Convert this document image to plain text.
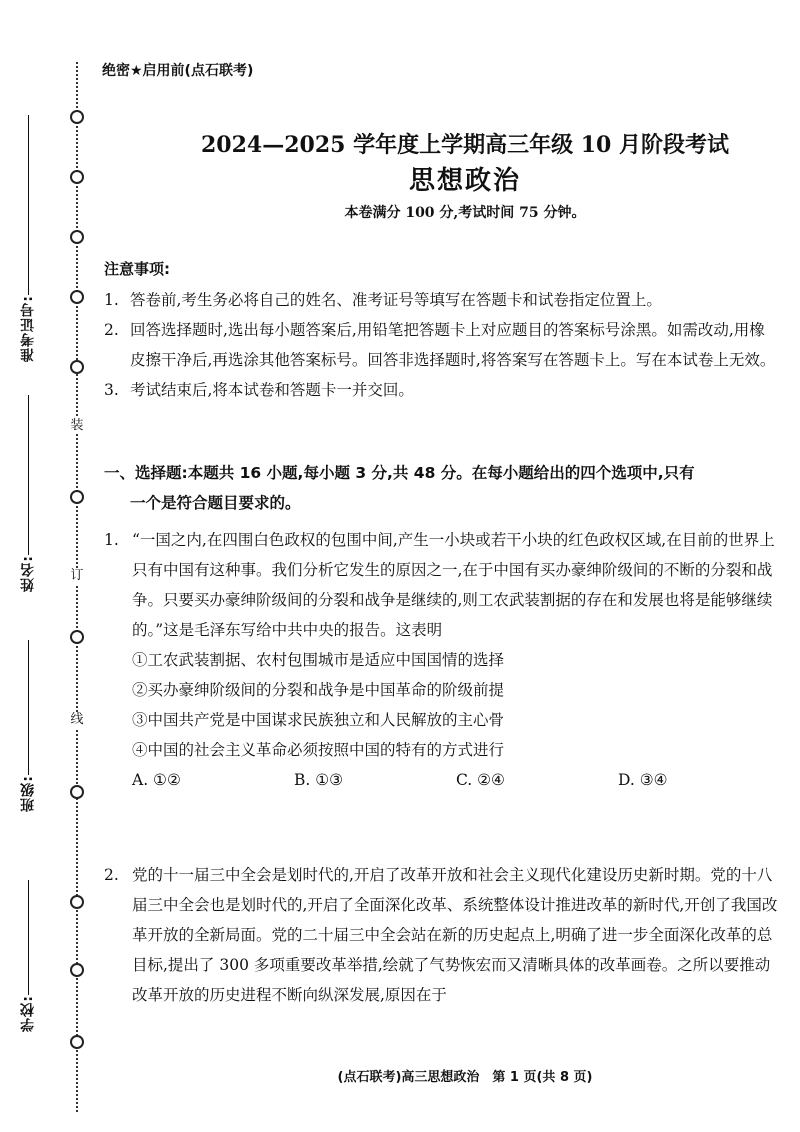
装
订
线
准考证号:
姓名:
班级:
学校:
绝密★启用前(点石联考)
2024—2025 学年度上学期高三年级 10 月阶段考试
思想政治
本卷满分 100 分,考试时间 75 分钟。
注意事项:
1. 答卷前,考生务必将自己的姓名、准考证号等填写在答题卡和试卷指定位置上。
2. 回答选择题时,选出每小题答案后,用铅笔把答题卡上对应题目的答案标号涂黑。如需改动,用橡皮擦干净后,再选涂其他答案标号。回答非选择题时,将答案写在答题卡上。写在本试卷上无效。
3. 考试结束后,将本试卷和答题卡一并交回。
一、选择题:本题共 16 小题,每小题 3 分,共 48 分。在每小题给出的四个选项中,只有
一个是符合题目要求的。
1. “一国之内,在四围白色政权的包围中间,产生一小块或若干小块的红色政权区域,在目前的世界上只有中国有这种事。我们分析它发生的原因之一,在于中国有买办豪绅阶级间的不断的分裂和战争。只要买办豪绅阶级间的分裂和战争是继续的,则工农武装割据的存在和发展也将是能够继续的。”这是毛泽东写给中共中央的报告。这表明
①工农武装割据、农村包围城市是适应中国国情的选择
②买办豪绅阶级间的分裂和战争是中国革命的阶级前提
③中国共产党是中国谋求民族独立和人民解放的主心骨
④中国的社会主义革命必须按照中国的特有的方式进行
A. ①②	B. ①③	C. ②④	D. ③④
2. 党的十一届三中全会是划时代的,开启了改革开放和社会主义现代化建设历史新时期。党的十八届三中全会也是划时代的,开启了全面深化改革、系统整体设计推进改革的新时代,开创了我国改革开放的全新局面。党的二十届三中全会站在新的历史起点上,明确了进一步全面深化改革的总目标,提出了 300 多项重要改革举措,绘就了气势恢宏而又清晰具体的改革画卷。之所以要推动改革开放的历史进程不断向纵深发展,原因在于
(点石联考)高三思想政治　第 1 页(共 8 页)
